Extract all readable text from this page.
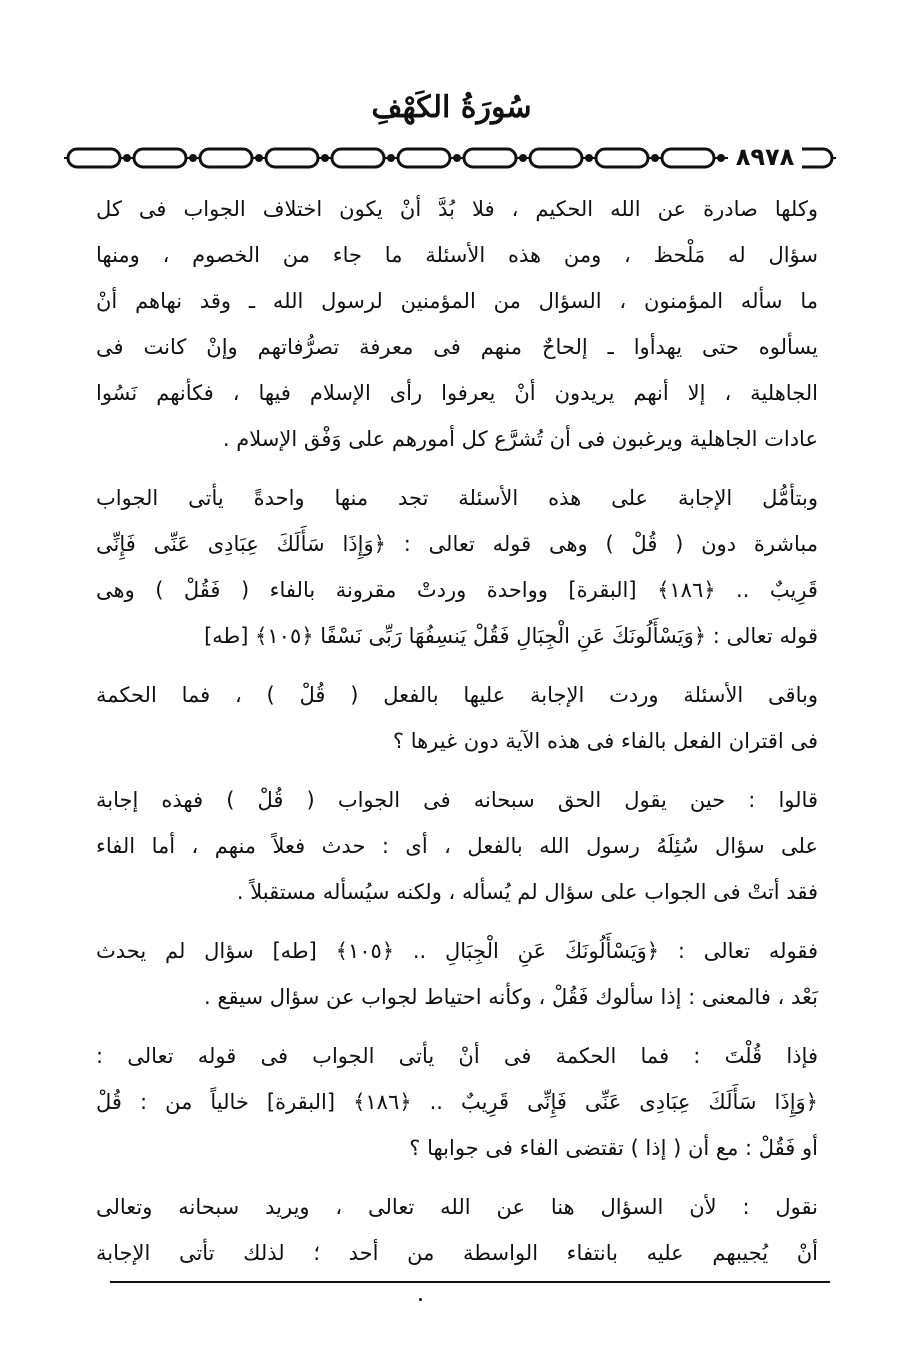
سُورَةُ الكَهْفِ
٨٩٧٨
وكلها صادرة عن الله الحكيم ، فلا بُدَّ أنْ يكون اختلاف الجواب فى كل
سؤال له مَلْحظ ، ومن هذه الأسئلة ما جاء من الخصوم ، ومنها
ما سأله المؤمنون ، السؤال من المؤمنين لرسول الله ـ وقد نهاهم أنْ
يسألوه حتى يهدأوا ـ إلحاحٌ منهم فى معرفة تصرُّفاتهم وإنْ كانت فى
الجاهلية ، إلا أنهم يريدون أنْ يعرفوا رأى الإسلام فيها ، فكأنهم نَسُوا
عادات الجاهلية ويرغبون فى أن تُشرَّع كل أمورهم على وَفْق الإسلام .
وبتأمُّل الإجابة على هذه الأسئلة تجد منها واحدةً يأتى الجواب
مباشرة دون ( قُلْ ) وهى قوله تعالى : ﴿وَإِذَا سَأَلَكَ عِبَادِى عَنِّى فَإِنِّى
قَرِيبٌ .. ﴿١٨٦﴾ [البقرة] وواحدة وردتْ مقرونة بالفاء ( فَقُلْ ) وهى
قوله تعالى : ﴿وَيَسْأَلُونَكَ عَنِ الْجِبَالِ فَقُلْ يَنسِفُهَا رَبِّى نَسْفًا ﴿١٠٥﴾ [طه]
وباقى الأسئلة وردت الإجابة عليها بالفعل ( قُلْ ) ، فما الحكمة
فى اقتران الفعل بالفاء فى هذه الآية دون غيرها ؟
قالوا : حين يقول الحق سبحانه فى الجواب ( قُلْ ) فهذه إجابة
على سؤال سُئِلَهُ رسول الله بالفعل ، أى : حدث فعلاً منهم ، أما الفاء
فقد أتتْ فى الجواب على سؤال لم يُسأله ، ولكنه سيُسأله مستقبلاً .
فقوله تعالى : ﴿وَيَسْأَلُونَكَ عَنِ الْجِبَالِ .. ﴿١٠٥﴾ [طه] سؤال لم يحدث
بَعْد ، فالمعنى : إذا سألوك فَقُلْ ، وكأنه احتياط لجواب عن سؤال سيقع .
فإذا قُلْتَ : فما الحكمة فى أنْ يأتى الجواب فى قوله تعالى :
﴿وَإِذَا سَأَلَكَ عِبَادِى عَنِّى فَإِنِّى قَرِيبٌ .. ﴿١٨٦﴾ [البقرة] خالياً من : قُلْ
أو فَقُلْ : مع أن ( إذا ) تقتضى الفاء فى جوابها ؟
نقول : لأن السؤال هنا عن الله تعالى ، ويريد سبحانه وتعالى
أنْ يُجيبهم عليه بانتفاء الواسطة من أحد ؛ لذلك تأتى الإجابة
